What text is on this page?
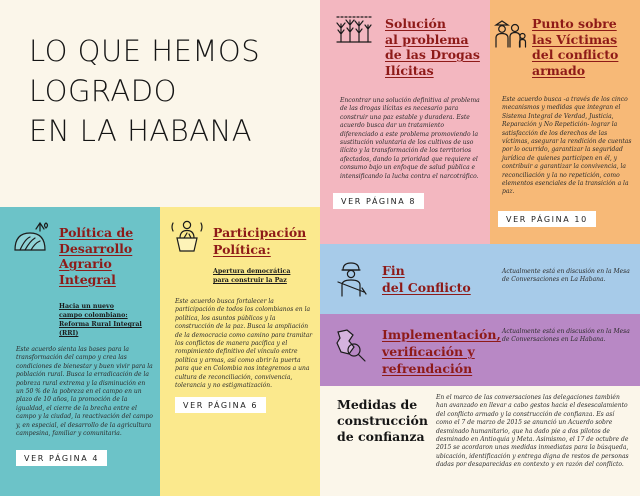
LO QUE HEMOS
LOGRADO
EN LA HABANA
Solución
al problema
de las Drogas
Ilícitas

Encontrar una solución definitiva al problema de las drogas ilícitas es necesario para construir una paz estable y duradera. Este acuerdo busca dar un tratamiento diferenciado a este problema promoviendo la sustitución voluntaria de los cultivos de uso ilícito y la transformación de los territorios afectados, dando la prioridad que requiere el consumo bajo un enfoque de salud pública e intensificando la lucha contra el narcotráfico.

VER PÁGINA 8
Punto sobre
las Víctimas
del conflicto
armado

Este acuerdo busca -a través de los cinco mecanismos y medidas que integran el Sistema Integral de Verdad, Justicia, Reparación y No Repetición- lograr la satisfacción de los derechos de las víctimas, asegurar la rendición de cuentas por lo ocurrido, garantizar la seguridad jurídica de quienes participen en él, y contribuir a garantizar la convivencia, la reconciliación y la no repetición, como elementos esenciales de la transición a la paz.

VER PÁGINA 10
Política de
Desarrollo
Agrario
Integral
Hacia un nuevo
campo colombiano:
Reforma Rural Integral
(RRI)

Este acuerdo sienta las bases para la transformación del campo y crea las condiciones de bienestar y buen vivir para la población rural. Busca la erradicación de la pobreza rural extrema y la disminución en un 50 % de la pobreza en el campo en un plazo de 10 años, la promoción de la igualdad, el cierre de la brecha entre el campo y la ciudad, la reactivación del campo y, en especial, el desarrollo de la agricultura campesina, familiar y comunitaria.

VER PÁGINA 4
Participación
Política:
Apertura democrática
para construir la Paz

Este acuerdo busca fortalecer la participación de todos los colombianos en la política, los asuntos públicos y la construcción de la paz. Busca la ampliación de la democracia como camino para tramitar los conflictos de manera pacífica y el rompimiento definitivo del vínculo entre política y armas, así como abrir la puerta para que en Colombia nos integremos a una cultura de reconciliación, convivencia, tolerancia y no estigmatización.

VER PÁGINA 6
Fin
del Conflicto

Actualmente está en discusión en la Mesa de Conversaciones en La Habana.

Implementación,
verificación y
refrendación

Actualmente está en discusión en la Mesa de Conversaciones en La Habana.

Medidas de
construcción
de confianza

En el marco de las conversaciones las delegaciones también han avanzado en llevar a cabo gestos hacia el desescalamiento del conflicto armado y la construcción de confianza. Es así como el 7 de marzo de 2015 se anunció un Acuerdo sobre desminado humanitario, que ha dado pie a dos pilotos de desminado en Antioquia y Meta. Asimismo, el 17 de octubre de 2015 se acordaron unas medidas inmediatas para la búsqueda, ubicación, identificación y entrega digna de restos de personas dadas por desaparecidas en contexto y en razón del conflicto.
